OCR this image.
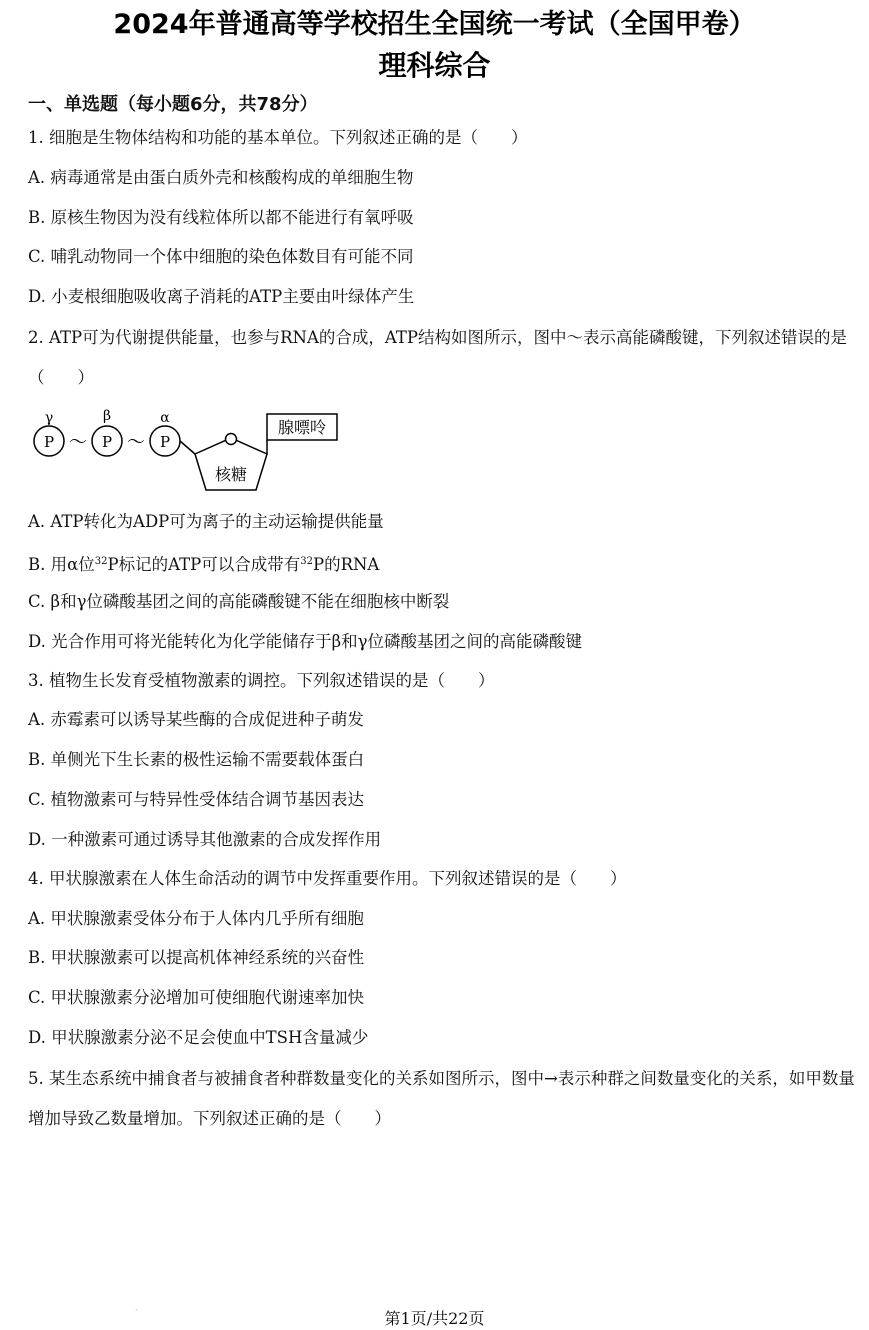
2024年普通高等学校招生全国统一考试（全国甲卷）
理科综合
一、单选题（每小题6分，共78分）
1. 细胞是生物体结构和功能的基本单位。下列叙述正确的是（　　）
A. 病毒通常是由蛋白质外壳和核酸构成的单细胞生物
B. 原核生物因为没有线粒体所以都不能进行有氧呼吸
C. 哺乳动物同一个体中细胞的染色体数目有可能不同
D. 小麦根细胞吸收离子消耗的ATP主要由叶绿体产生
2. ATP可为代谢提供能量，也参与RNA的合成，ATP结构如图所示，图中～表示高能磷酸键，下列叙述错误的是（　　）
γ	β	α
P	P	P
～ ～
核糖
腺嘌呤
A. ATP转化为ADP可为离子的主动运输提供能量
B. 用α位$^{32}$P标记的ATP可以合成带有$^{32}$P的RNA
C. β和γ位磷酸基团之间的高能磷酸键不能在细胞核中断裂
D. 光合作用可将光能转化为化学能储存于β和γ位磷酸基团之间的高能磷酸键
3. 植物生长发育受植物激素的调控。下列叙述错误的是（　　）
A. 赤霉素可以诱导某些酶的合成促进种子萌发
B. 单侧光下生长素的极性运输不需要载体蛋白
C. 植物激素可与特异性受体结合调节基因表达
D. 一种激素可通过诱导其他激素的合成发挥作用
4. 甲状腺激素在人体生命活动的调节中发挥重要作用。下列叙述错误的是（　　）
A. 甲状腺激素受体分布于人体内几乎所有细胞
B. 甲状腺激素可以提高机体神经系统的兴奋性
C. 甲状腺激素分泌增加可使细胞代谢速率加快
D. 甲状腺激素分泌不足会使血中TSH含量减少
5. 某生态系统中捕食者与被捕食者种群数量变化的关系如图所示，图中→表示种群之间数量变化的关系，如甲数量增加导致乙数量增加。下列叙述正确的是（　　）
·	第1页/共22页
